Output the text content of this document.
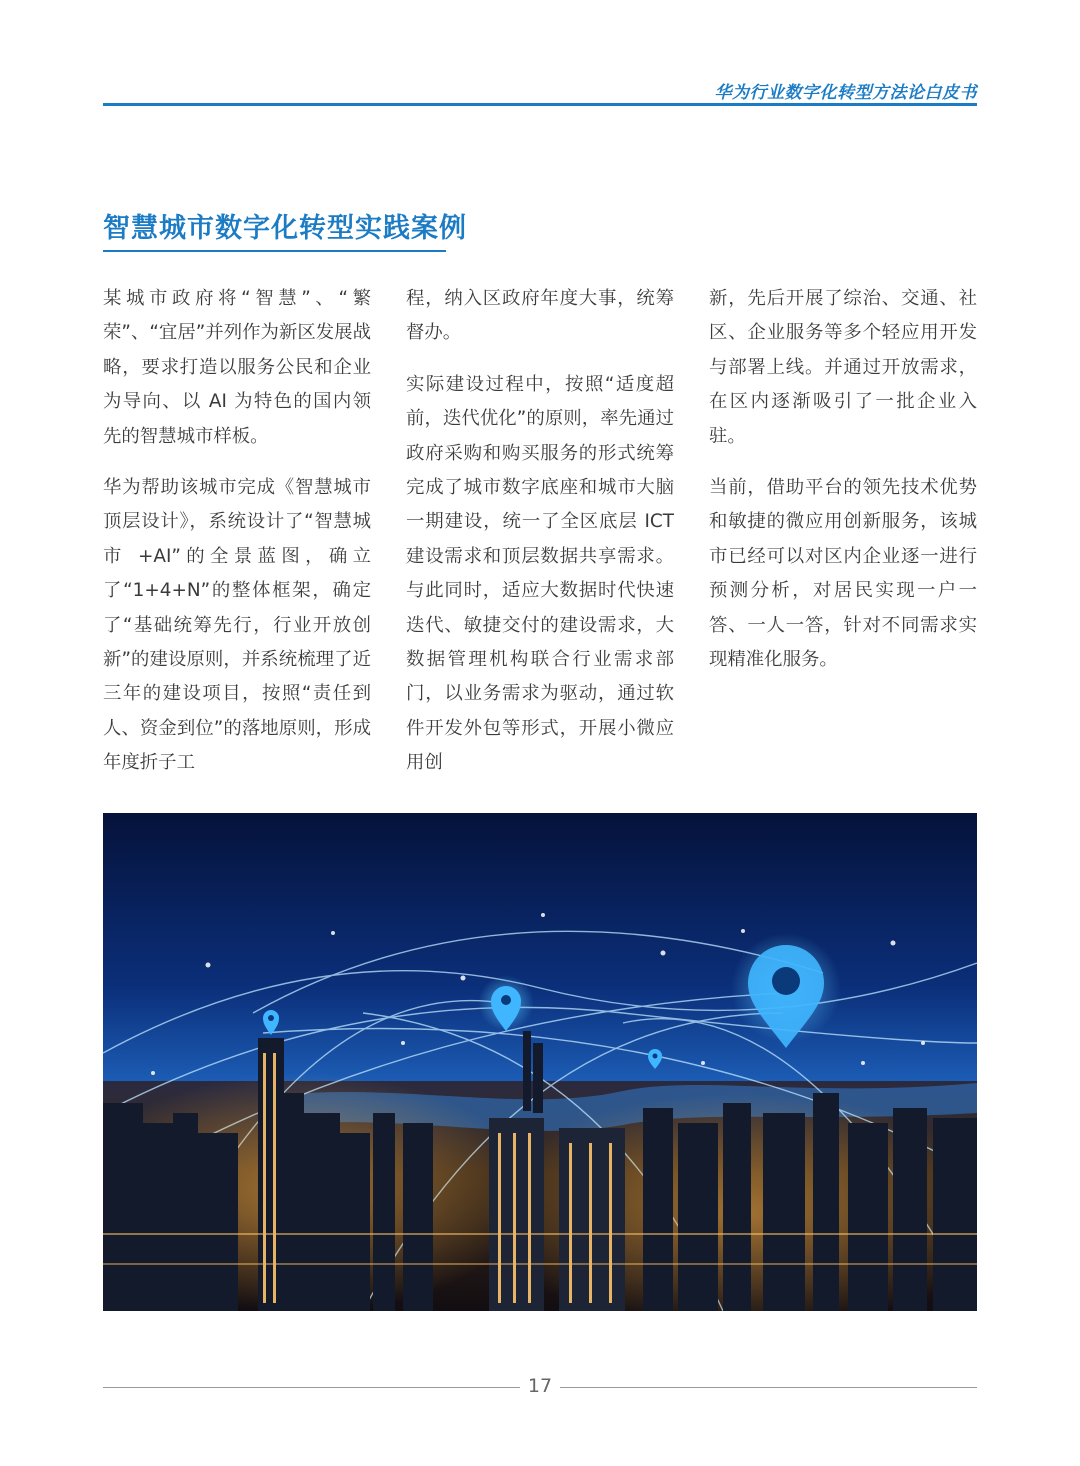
华为行业数字化转型方法论白皮书
智慧城市数字化转型实践案例

某城市政府将“智慧”、“繁荣”、“宜居”并列作为新区发展战略，要求打造以服务公民和企业为导向、以 AI 为特色的国内领先的智慧城市样板。

华为帮助该城市完成《智慧城市顶层设计》，系统设计了“智慧城市 +AI”的全景蓝图，确立了“1+4+N”的整体框架，确定了“基础统筹先行，行业开放创新”的建设原则，并系统梳理了近三年的建设项目，按照“责任到人、资金到位”的落地原则，形成年度折子工

程，纳入区政府年度大事，统筹督办。

实际建设过程中，按照“适度超前，迭代优化”的原则，率先通过政府采购和购买服务的形式统筹完成了城市数字底座和城市大脑一期建设，统一了全区底层 ICT 建设需求和顶层数据共享需求。与此同时，适应大数据时代快速迭代、敏捷交付的建设需求，大数据管理机构联合行业需求部门，以业务需求为驱动，通过软件开发外包等形式，开展小微应用创

新，先后开展了综治、交通、社区、企业服务等多个轻应用开发与部署上线。并通过开放需求，在区内逐渐吸引了一批企业入驻。

当前，借助平台的领先技术优势和敏捷的微应用创新服务，该城市已经可以对区内企业逐一进行预测分析，对居民实现一户一答、一人一答，针对不同需求实现精准化服务。

17
